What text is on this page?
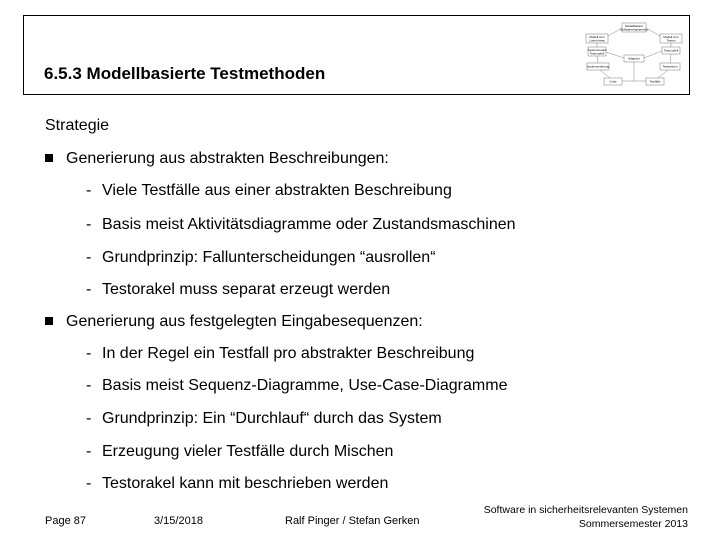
6.5.3 Modellbasierte Testmethoden
Modellbasiert
Softwareengineering
Modell zum
Lösen etwa
Modell zum
Testen
Systemmodell
Testmodell
Testmodell
Adaption
Implementierung	Testsystem
Code	Testfälle
Strategie
Generierung aus abstrakten Beschreibungen:
- Viele Testfälle aus einer abstrakten Beschreibung
- Basis meist Aktivitätsdiagramme oder Zustandsmaschinen
- Grundprinzip: Fallunterscheidungen “ausrollen“
- Testorakel muss separat erzeugt werden
Generierung aus festgelegten Eingabesequenzen:
- In der Regel ein Testfall pro abstrakter Beschreibung
- Basis meist Sequenz-Diagramme, Use-Case-Diagramme
- Grundprinzip: Ein “Durchlauf“ durch das System
- Erzeugung vieler Testfälle durch Mischen
- Testorakel kann mit beschrieben werden
Page 87	3/15/2018	Ralf Pinger / Stefan Gerken
Software in sicherheitsrelevanten Systemen
Sommersemester 2013
